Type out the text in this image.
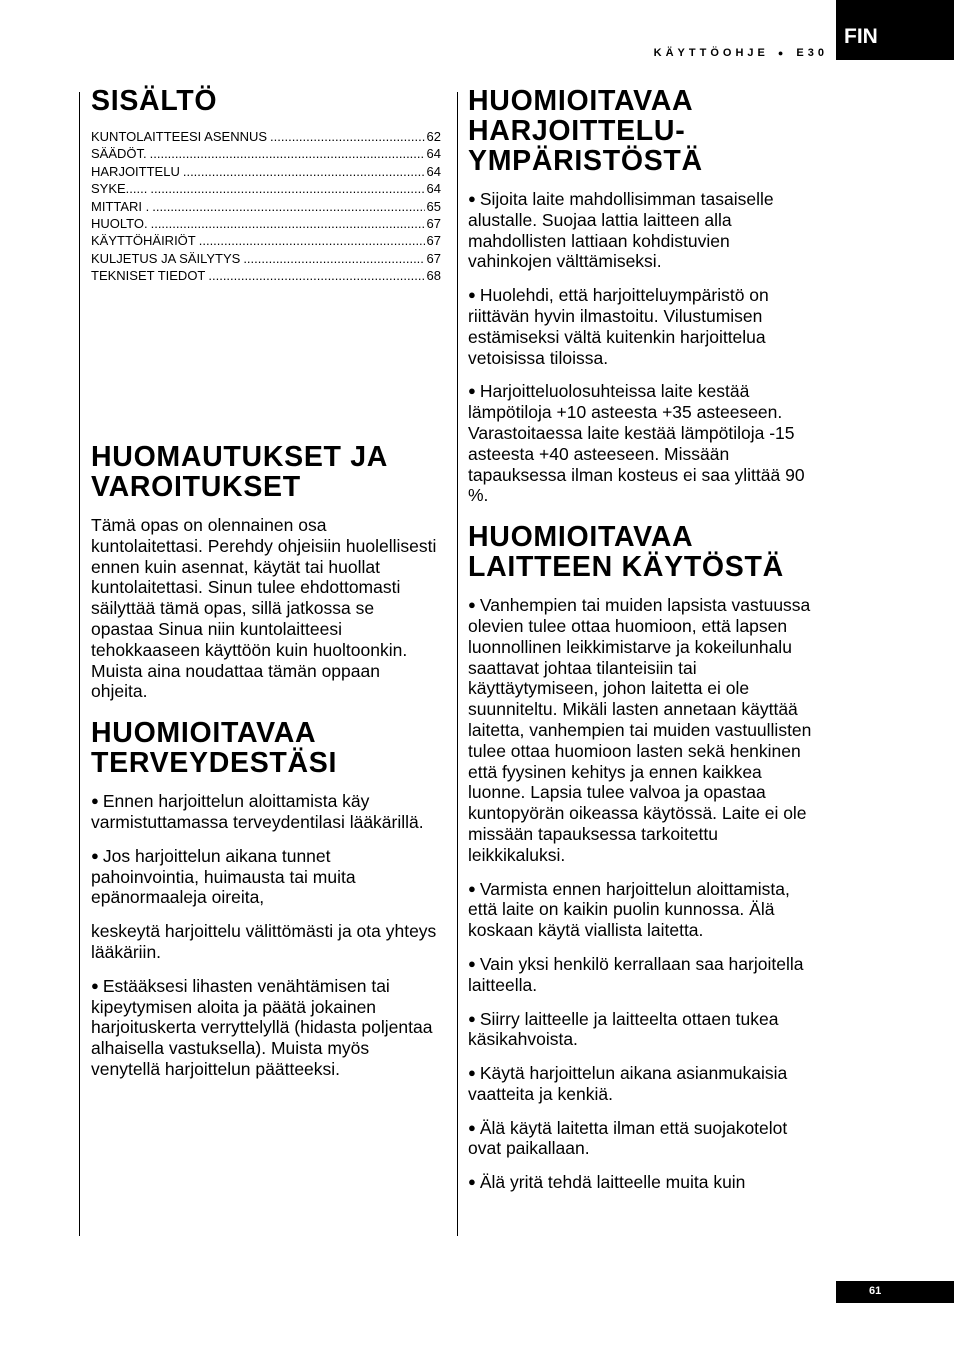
FIN
KÄYTTÖOHJE ● E30
SISÄLTÖ
KUNTOLAITTEESI ASENNUS .....	62
SÄÄDÖT. .....	64
HARJOITTELU .....	64
SYKE...... .....	64
MITTARI . .....	65
HUOLTO. .....	67
KÄYTTÖHÄIRIÖT .....	67
KULJETUS JA SÄILYTYS .....	67
TEKNISET TIEDOT .....	68
HUOMAUTUKSET JA
VAROITUKSET

Tämä opas on olennainen osa kuntolaitettasi. Perehdy ohjeisiin huolellisesti ennen kuin asennat, käytät tai huollat kuntolaitettasi. Sinun tulee ehdottomasti säilyttää tämä opas, sillä jatkossa se opastaa Sinua niin kuntolaitteesi tehokkaaseen käyttöön kuin huoltoonkin. Muista aina noudattaa tämän oppaan ohjeita.

HUOMIOITAVAA
TERVEYDESTÄSI

● Ennen harjoittelun aloittamista käy varmistuttamassa terveydentilasi lääkärillä.

● Jos harjoittelun aikana tunnet pahoinvointia, huimausta tai muita epänormaaleja oireita,

keskeytä harjoittelu välittömästi ja ota yhteys lääkäriin.

● Estääksesi lihasten venähtämisen tai kipeytymisen aloita ja päätä jokainen harjoituskerta verryttelyllä (hidasta poljentaa alhaisella vastuksella). Muista myös venytellä harjoittelun päätteeksi.

HUOMIOITAVAA
HARJOITTELU-
YMPÄRISTÖSTÄ

● Sijoita laite mahdollisimman tasaiselle alustalle. Suojaa lattia laitteen alla mahdollisten lattiaan kohdistuvien vahinkojen välttämiseksi.

● Huolehdi, että harjoitteluympäristö on riittävän hyvin ilmastoitu. Vilustumisen estämiseksi vältä kuitenkin harjoittelua vetoisissa tiloissa.

● Harjoitteluolosuhteissa laite kestää lämpötiloja +10 asteesta +35 asteeseen. Varastoitaessa laite kestää lämpötiloja -15 asteesta +40 asteeseen. Missään tapauksessa ilman kosteus ei saa ylittää 90 %.

HUOMIOITAVAA
LAITTEEN KÄYTÖSTÄ

● Vanhempien tai muiden lapsista vastuussa olevien tulee ottaa huomioon, että lapsen luonnollinen leikkimistarve ja kokeilunhalu saattavat johtaa tilanteisiin tai käyttäytymiseen, johon laitetta ei ole suunniteltu. Mikäli lasten annetaan käyttää laitetta, vanhempien tai muiden vastuullisten tulee ottaa huomioon lasten sekä henkinen että fyysinen kehitys ja ennen kaikkea luonne. Lapsia tulee valvoa ja opastaa kuntopyörän oikeassa käytössä. Laite ei ole missään tapauksessa tarkoitettu leikkikaluksi.

● Varmista ennen harjoittelun aloittamista, että laite on kaikin puolin kunnossa. Älä koskaan käytä viallista laitetta.

● Vain yksi henkilö kerrallaan saa harjoitella laitteella.

● Siirry laitteelle ja laitteelta ottaen tukea käsikahvoista.

● Käytä harjoittelun aikana asianmukaisia vaatteita ja kenkiä.

● Älä käytä laitetta ilman että suojakotelot ovat paikallaan.

● Älä yritä tehdä laitteelle muita kuin

61
